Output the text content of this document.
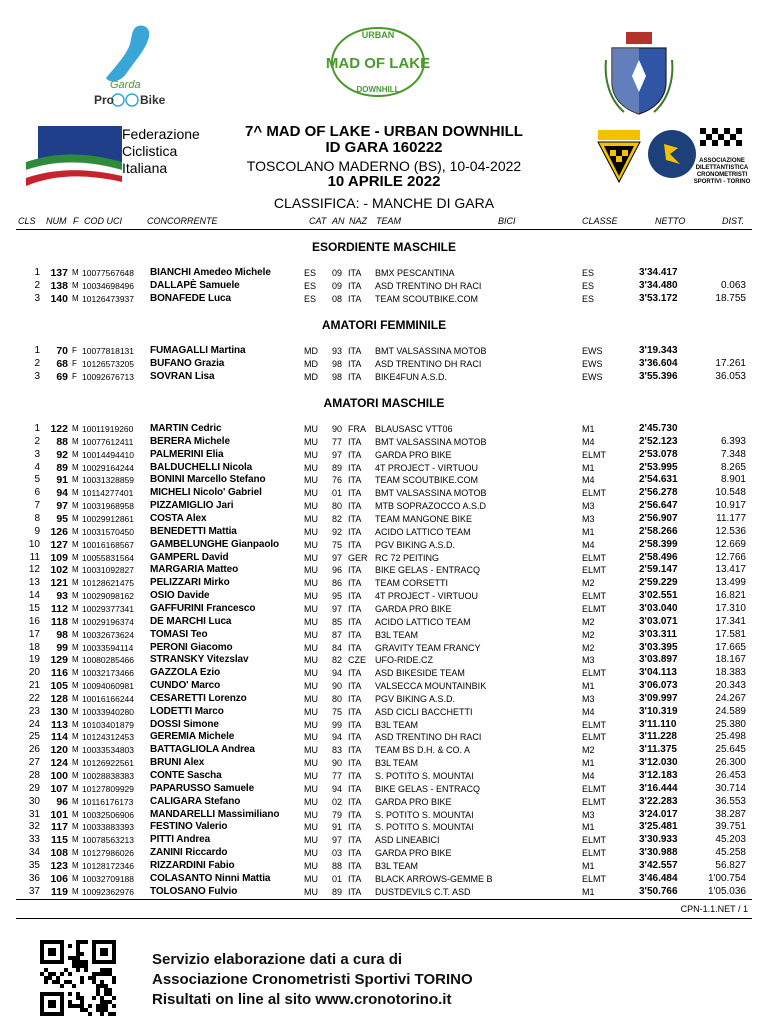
Garda
Pro Bike
URBAN
MAD OF LAKE
DOWNHILL
Federazione
Ciclistica
Italiana
7^ MAD OF LAKE - URBAN DOWNHILL
ID GARA 160222
TOSCOLANO MADERNO (BS), 10-04-2022
10 APRILE 2022
CLASSIFICA: - MANCHE DI GARA
ASSOCIAZIONE
DILETTANTISTICA
CRONOMETRISTI
SPORTIVI - TORINO
CLS NUM F COD UCI	CONCORRENTE	CAT AN NAZ TEAM	BICI	CLASSE	NETTO	DIST.
ESORDIENTE MASCHILE
1 137 M 10077567648 BIANCHI Amedeo Michele	ES 09 ITA BMX PESCANTINA	ES	3'34.417
2 138 M 10034698496 DALLAPÈ Samuele	ES 09 ITA ASD TRENTINO DH RACI	ES	3'34.480	0.063
3 140 M 10126473937 BONAFEDE Luca	ES 08 ITA TEAM SCOUTBIKE.COM	ES	3'53.172	18.755
AMATORI FEMMINILE
1	70 F 10077818131 FUMAGALLI Martina	MD 93 ITA BMT VALSASSINA MOTOB	EWS	3'19.343
2	68 F 10126573205 BUFANO Grazia	MD 98 ITA ASD TRENTINO DH RACI	EWS	3'36.604	17.261
3	69 F 10092676713 SOVRAN Lisa	MD 98 ITA BIKE4FUN A.S.D.	EWS	3'55.396	36.053
AMATORI MASCHILE
1 122 M 10011919260 MARTIN Cedric	MU 90 FRA BLAUSASC VTT06	M1	2'45.730
2	88 M 10077612411 BERERA Michele	MU 77 ITA BMT VALSASSINA MOTOB	M4	2'52.123	6.393
3	92 M 10014494410 PALMERINI Elia	MU 97 ITA GARDA PRO BIKE	ELMT	2'53.078	7.348
4	89 M 10029164244 BALDUCHELLI Nicola	MU 89 ITA 4T PROJECT - VIRTUOU	M1	2'53.995	8.265
5	91 M 10031328859 BONINI Marcello Stefano	MU 76 ITA TEAM SCOUTBIKE.COM	M4	2'54.631	8.901
6	94 M 10114277401 MICHELI Nicolo' Gabriel	MU 01 ITA BMT VALSASSINA MOTOB	ELMT	2'56.278	10.548
7	97 M 10031968958 PIZZAMIGLIO Jari	MU 80 ITA MTB SOPRAZOCCO A.S.D	M3	2'56.647	10.917
8	95 M 10029912861 COSTA Alex	MU 82 ITA TEAM MANGONE BIKE	M3	2'56.907	11.177
9 126 M 10031570450 BENEDETTI Mattia	MU 92 ITA ACIDO LATTICO TEAM	M1	2'58.266	12.536
10 127 M 10016168567 GAMBELUNGHE Gianpaolo	MU 75 ITA PGV BIKING A.S.D.	M4	2'58.399	12.669
11 109 M 10055831564 GAMPERL David	MU 97 GER RC 72 PEITING	ELMT	2'58.496	12.766
12 102 M 10031092827 MARGARIA Matteo	MU 96 ITA BIKE GELAS - ENTRACQ	ELMT	2'59.147	13.417
13 121 M 10128621475 PELIZZARI Mirko	MU 86 ITA TEAM CORSETTI	M2	2'59.229	13.499
14	93 M 10029098162 OSIO Davide	MU 95 ITA 4T PROJECT - VIRTUOU	ELMT	3'02.551	16.821
15	112 M 10029377341 GAFFURINI Francesco	MU 97 ITA GARDA PRO BIKE	ELMT	3'03.040	17.310
16	118 M 10029196374 DE MARCHI Luca	MU 85 ITA ACIDO LATTICO TEAM	M2	3'03.071	17.341
17	98 M 10032673624 TOMASI Teo	MU 87 ITA B3L TEAM	M2	3'03.311	17.581
18	99 M 10033594114 PERONI Giacomo	MU 84 ITA GRAVITY TEAM FRANCY	M2	3'03.395	17.665
19 129 M 10080285466 STRANSKY Vitezslav	MU 82 CZE UFO-RIDE.CZ	M3	3'03.897	18.167
20	116 M 10032173466 GAZZOLA Ezio	MU 94 ITA ASD BIKESIDE TEAM	ELMT	3'04.113	18.383
21 105 M 10094060981 CUNDO' Marco	MU 90 ITA VALSECCA MOUNTAINBIK	M1	3'06.073	20.343
22 128 M 10016166244 CESARETTI Lorenzo	MU 80 ITA PGV BIKING A.S.D.	M3	3'09.997	24.267
23 130 M 10033940280 LODETTI Marco	MU 75 ITA ASD CICLI BACCHETTI	M4	3'10.319	24.589
24	113 M 10103401879 DOSSI Simone	MU 99 ITA B3L TEAM	ELMT	3'11.110	25.380
25	114 M 10124312453 GEREMIA Michele	MU 94 ITA ASD TRENTINO DH RACI	ELMT	3'11.228	25.498
26 120 M 10033534803 BATTAGLIOLA Andrea	MU 83 ITA TEAM BS D.H. & CO. A	M2	3'11.375	25.645
27 124 M 10126922561 BRUNI Alex	MU 90 ITA B3L TEAM	M1	3'12.030	26.300
28 100 M 10028838383 CONTE Sascha	MU 77 ITA S. POTITO S. MOUNTAI	M4	3'12.183	26.453
29 107 M 10127809929 PAPARUSSO Samuele	MU 94 ITA BIKE GELAS - ENTRACQ	ELMT	3'16.444	30.714
30	96 M 10116176173 CALIGARA Stefano	MU 02 ITA GARDA PRO BIKE	ELMT	3'22.283	36.553
31 101 M 10032506906 MANDARELLI Massimiliano	MU 79 ITA S. POTITO S. MOUNTAI	M3	3'24.017	38.287
32	117 M 10033883393 FESTINO Valerio	MU 91 ITA S. POTITO S. MOUNTAI	M1	3'25.481	39.751
33	115 M 10078563213 PITTI Andrea	MU 97 ITA ASD LINEABICI	ELMT	3'30.933	45.203
34 108 M 10127986026 ZANINI Riccardo	MU 03 ITA GARDA PRO BIKE	ELMT	3'30.988	45.258
35 123 M 10128172346 RIZZARDINI Fabio	MU 88 ITA B3L TEAM	M1	3'42.557	56.827
36 106 M 10032709188 COLASANTO Ninni Mattia	MU 01 ITA BLACK ARROWS-GEMME B	ELMT	3'46.484	1'00.754
37	119 M 10092362976 TOLOSANO Fulvio	MU 89 ITA DUSTDEVILS C.T. ASD	M1	3'50.766	1'05.036
CPN-1.1.NET / 1
Servizio elaborazione dati a cura di
Associazione Cronometristi Sportivi TORINO
Risultati on line al sito www.cronotorino.it
